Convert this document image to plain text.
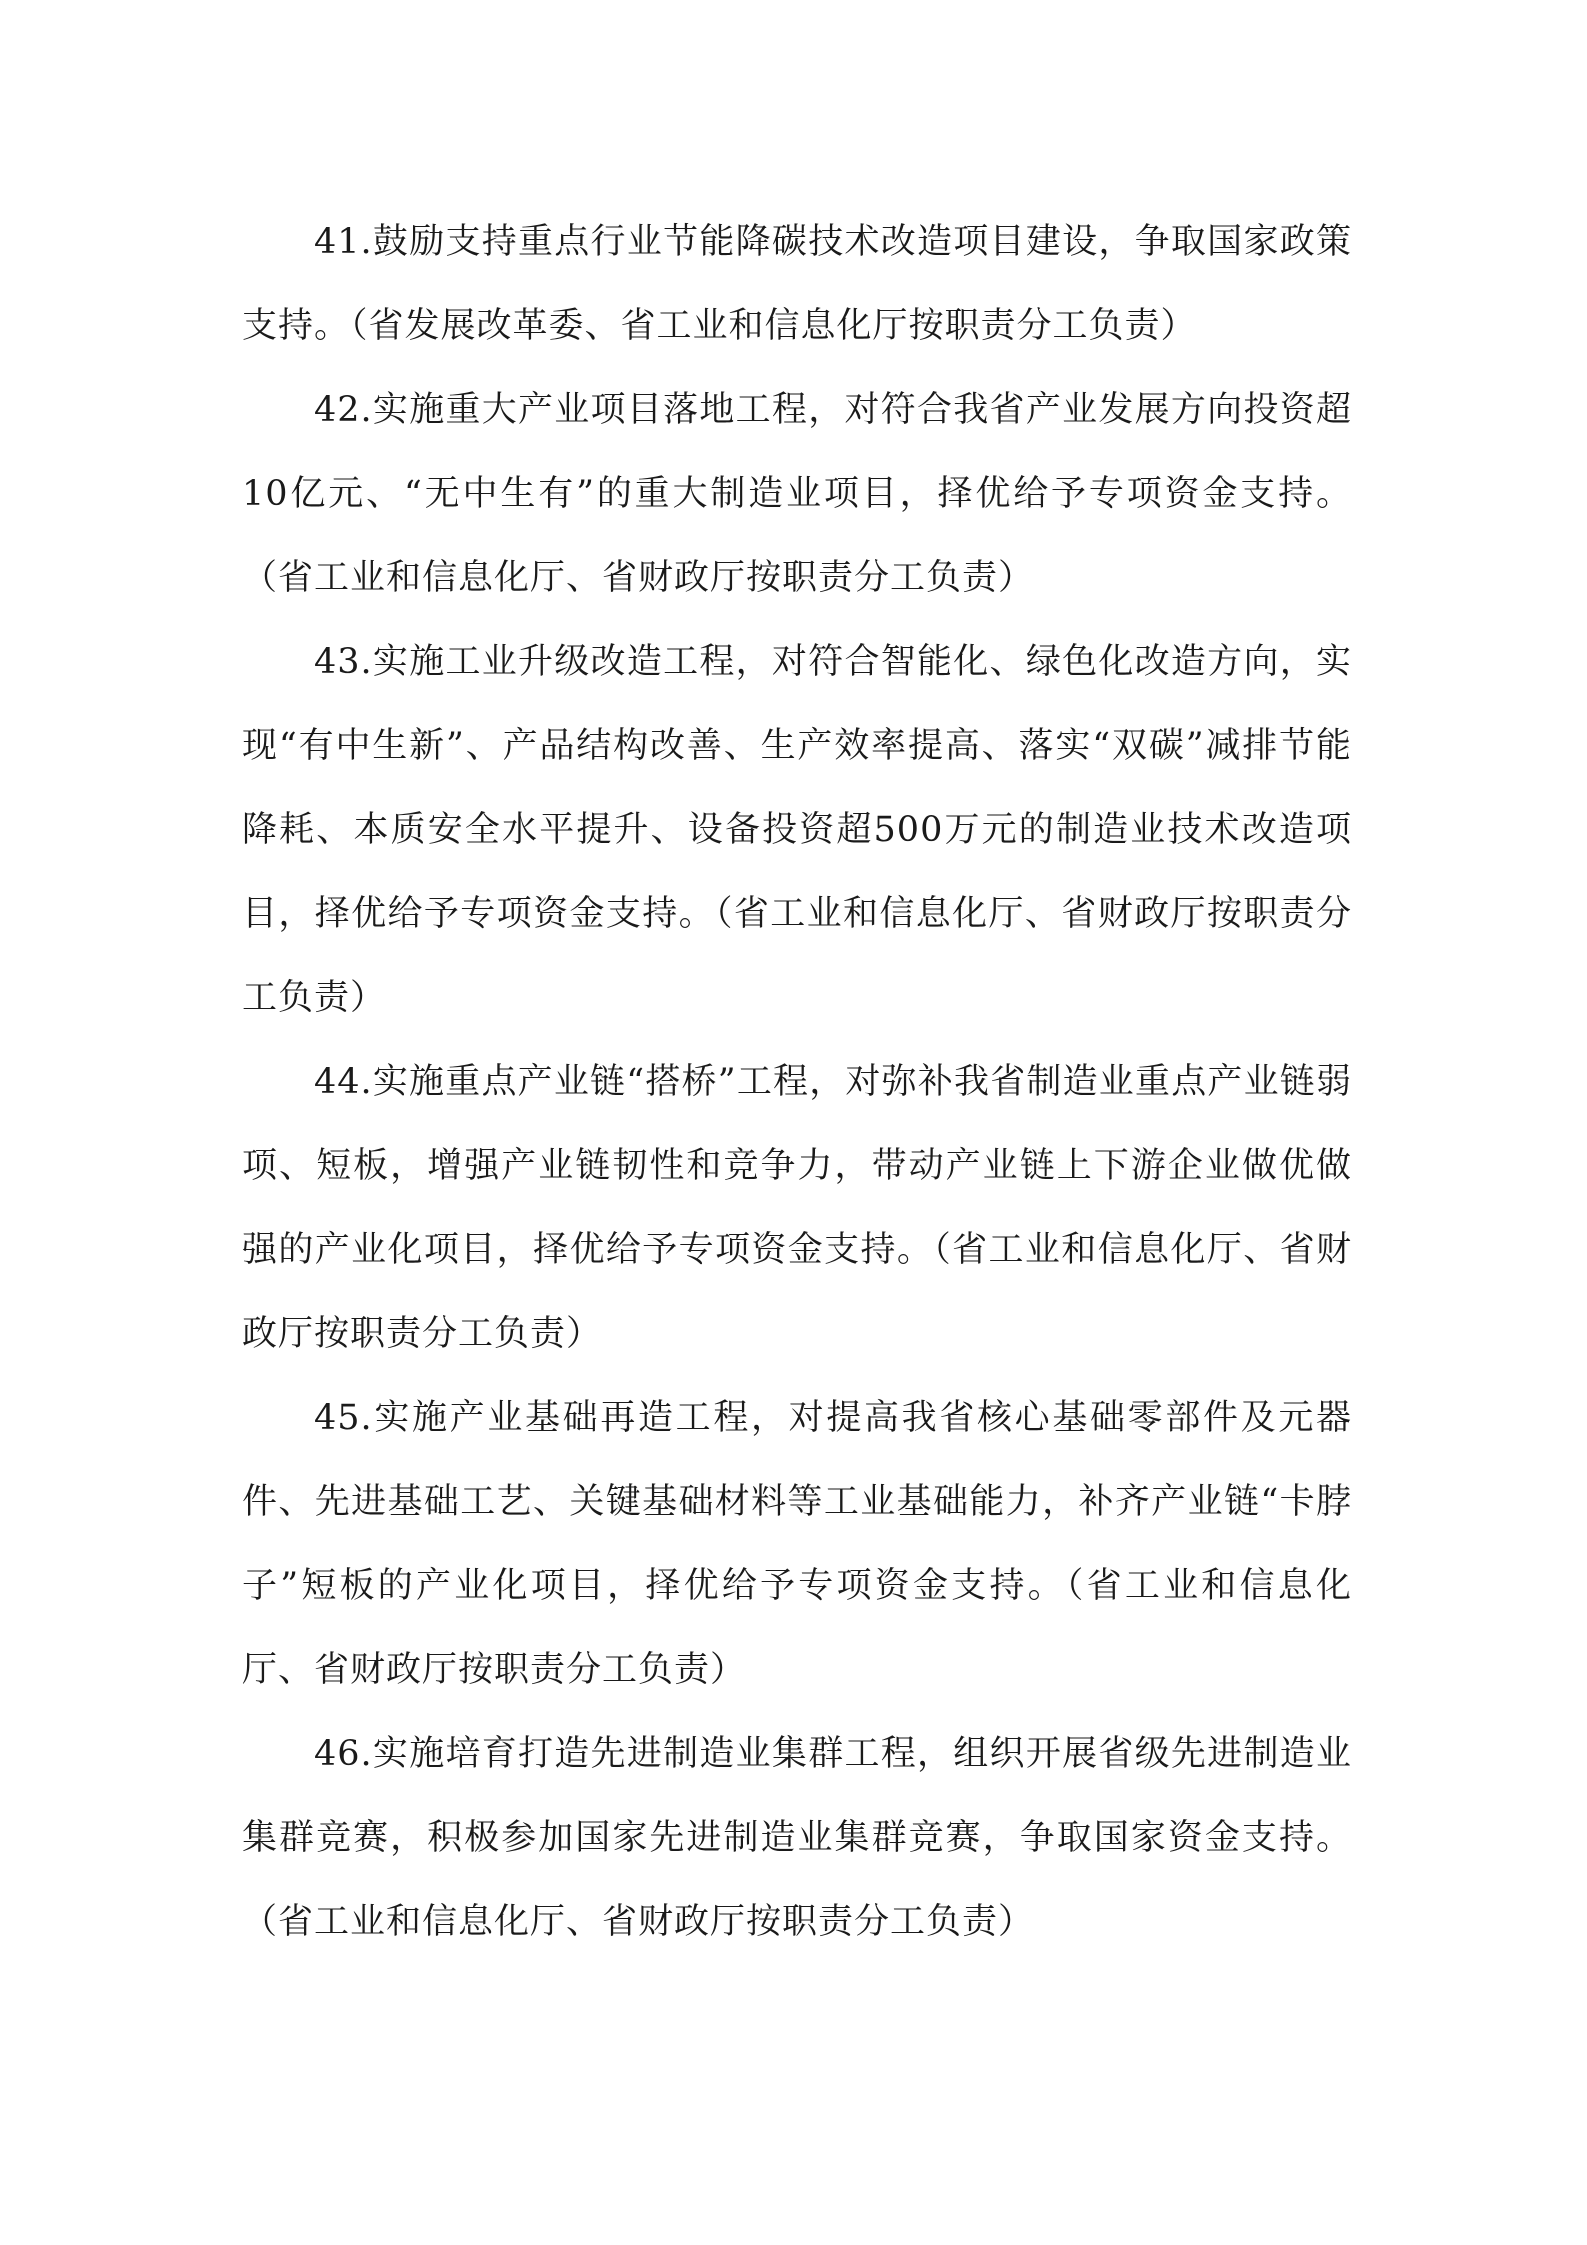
41.鼓励支持重点行业节能降碳技术改造项目建设，争取国家政策支持。（省发展改革委、省工业和信息化厅按职责分工负责）

42.实施重大产业项目落地工程，对符合我省产业发展方向投资超10亿元、“无中生有”的重大制造业项目，择优给予专项资金支持。（省工业和信息化厅、省财政厅按职责分工负责）

43.实施工业升级改造工程，对符合智能化、绿色化改造方向，实现“有中生新”、产品结构改善、生产效率提高、落实“双碳”减排节能降耗、本质安全水平提升、设备投资超500万元的制造业技术改造项目，择优给予专项资金支持。（省工业和信息化厅、省财政厅按职责分工负责）

44.实施重点产业链“搭桥”工程，对弥补我省制造业重点产业链弱项、短板，增强产业链韧性和竞争力，带动产业链上下游企业做优做强的产业化项目，择优给予专项资金支持。（省工业和信息化厅、省财政厅按职责分工负责）

45.实施产业基础再造工程，对提高我省核心基础零部件及元器件、先进基础工艺、关键基础材料等工业基础能力，补齐产业链“卡脖子”短板的产业化项目，择优给予专项资金支持。（省工业和信息化厅、省财政厅按职责分工负责）

46.实施培育打造先进制造业集群工程，组织开展省级先进制造业集群竞赛，积极参加国家先进制造业集群竞赛，争取国家资金支持。（省工业和信息化厅、省财政厅按职责分工负责）
